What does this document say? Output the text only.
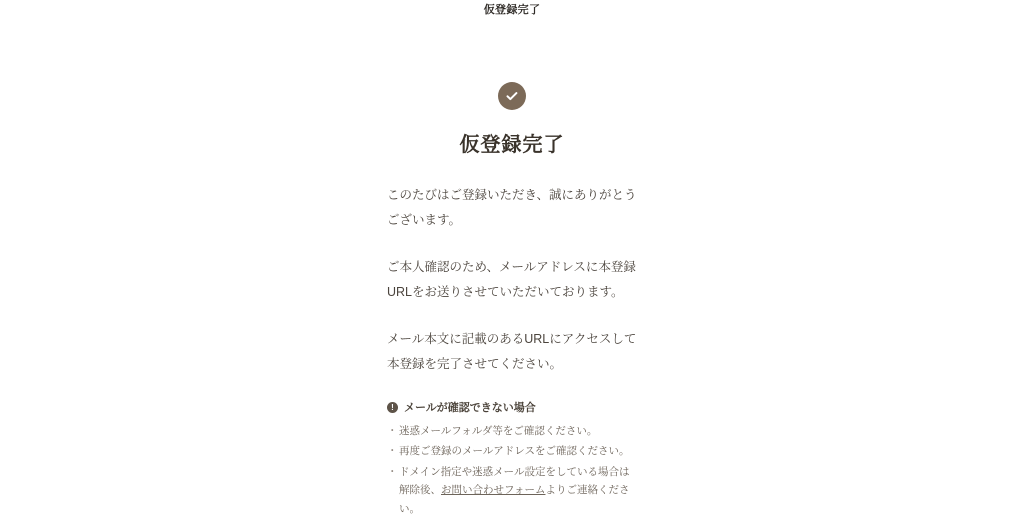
仮登録完了
仮登録完了

このたびはご登録いただき、誠にありがとうございます。

ご本人確認のため、メールアドレスに本登録URLをお送りさせていただいております。

メール本文に記載のあるURLにアクセスして本登録を完了させてください。

! メールが確認できない場合
・ 迷惑メールフォルダ等をご確認ください。
・ 再度ご登録のメールアドレスをご確認ください。
・ ドメイン指定や迷惑メール設定をしている場合は解除後、お問い合わせフォームよりご連絡ください。
